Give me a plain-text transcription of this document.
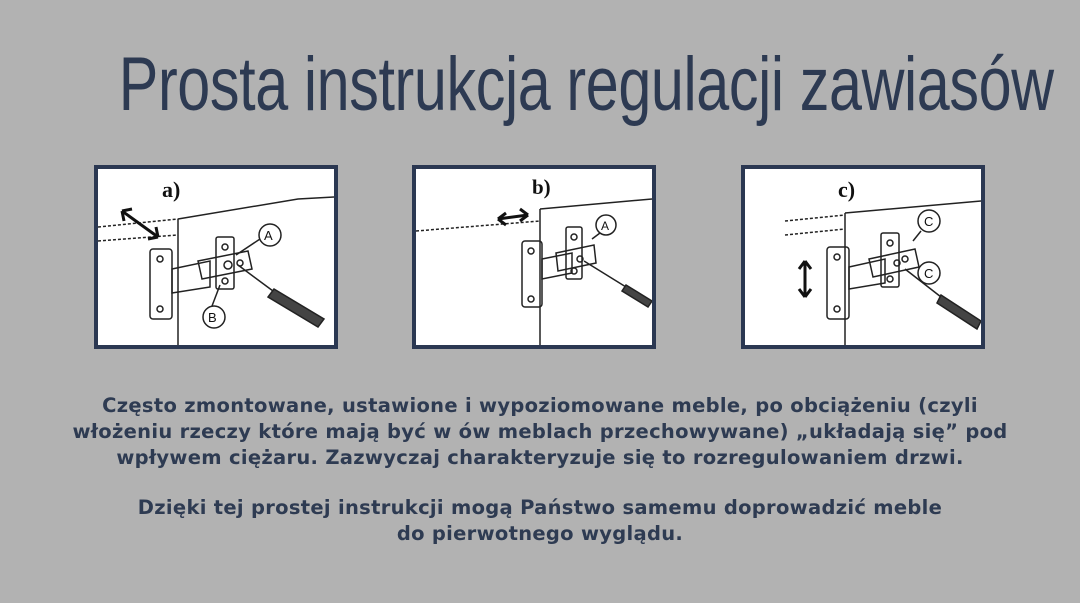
Prosta instrukcja regulacji zawiasów
A
B
a)
A
b)
C
C
c)
Często zmontowane, ustawione i wypoziomowane meble, po obciążeniu (czyli
włożeniu rzeczy które mają być w ów meblach przechowywane) „układają się” pod
wpływem ciężaru. Zazwyczaj charakteryzuje się to rozregulowaniem drzwi.
Dzięki tej prostej instrukcji mogą Państwo samemu doprowadzić meble
do pierwotnego wyglądu.
